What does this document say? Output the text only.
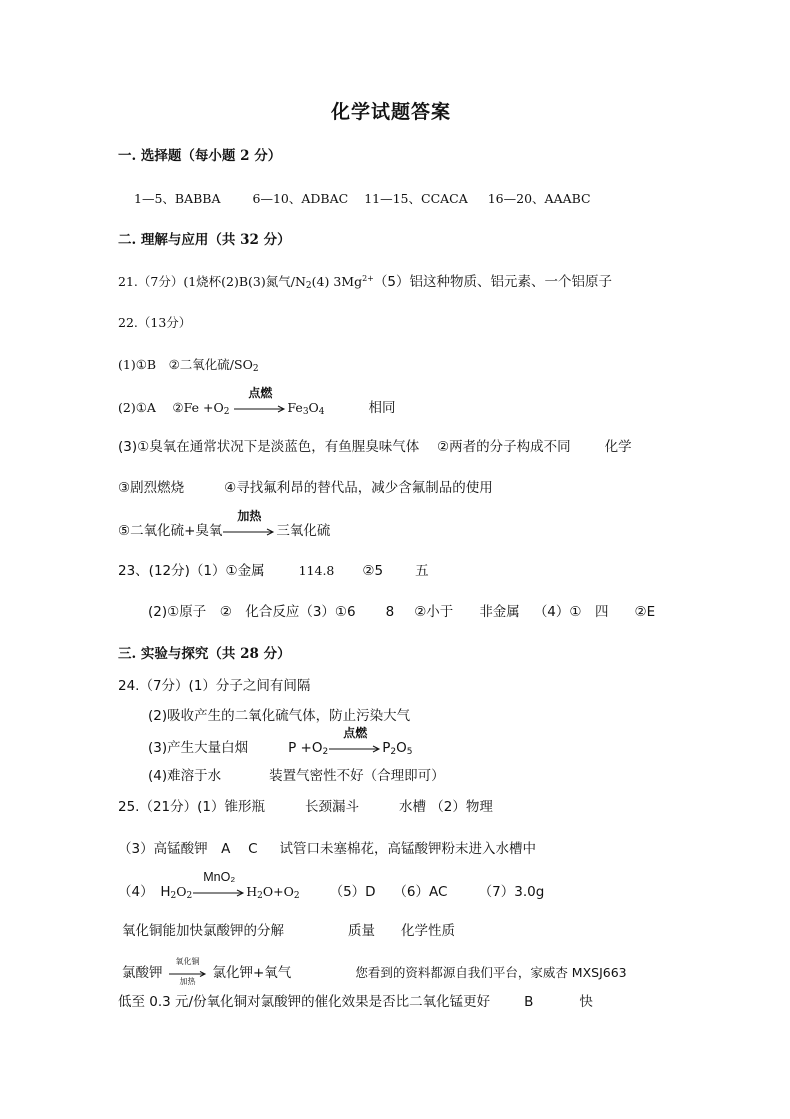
化学试题答案
一. 选择题（每小题 2 分）
1—5、BABBA	6—10、ADBAC 11—15、CCACA 16—20、AAABC
二. 理解与应用（共 32 分）
21.（7分）(1烧杯(2)B(3)氮气$/N_2(4)$ $3Mg^{2+}(5)$铝这种物质、铝元素、一个铝原子
22.（13分）
(1)①B　②二氧化硫$/SO_2$
(2)①A　 ②Fe $+O_2$
点燃
$Fe_3O_4$	相同
(3)①臭氧在通常状况下是淡蓝色，有鱼腥臭味气体　 ②两者的分子构成不同	化学
③剧烈燃烧	④寻找氟利昂的替代品，减少含氟制品的使用
⑤二氧化硫+臭氧
加热
三氧化硫
23、(12分)（1）①金属	114.8 ②5 五
(2)①原子　②　化合反应（3）①6 8 ②小于 非金属 （4）①　四 ②E
三. 实验与探究（共 28 分）
24.（7分）(1）分子之间有间隔
(2)吸收产生的二氧化硫气体，防止污染大气
(3)产生大量白烟	$P +O_2$
点燃
$P_2O_5$
(4)难溶于水	装置气密性不好（合理即可）
25.（21分）(1）锥形瓶	长颈漏斗	水槽 （2）物理
（3）高锰酸钾　A　 C 试管口未塞棉花，高锰酸钾粉末进入水槽中
（4）　$H_2O_2$
MnO₂
$H_2O+O_2$ （5）D　 （6）AC　　 （7）3.0g
氧化铜能加快氯酸钾的分解	质量 化学性质
氯酸钾
氧化铜
加热
氯化钾+氧气	您看到的资料都源自我们平台，家威杏 MXSJ663
低至 0.3 元/份氧化铜对氯酸钾的催化效果是否比二氧化锰更好	B	快
